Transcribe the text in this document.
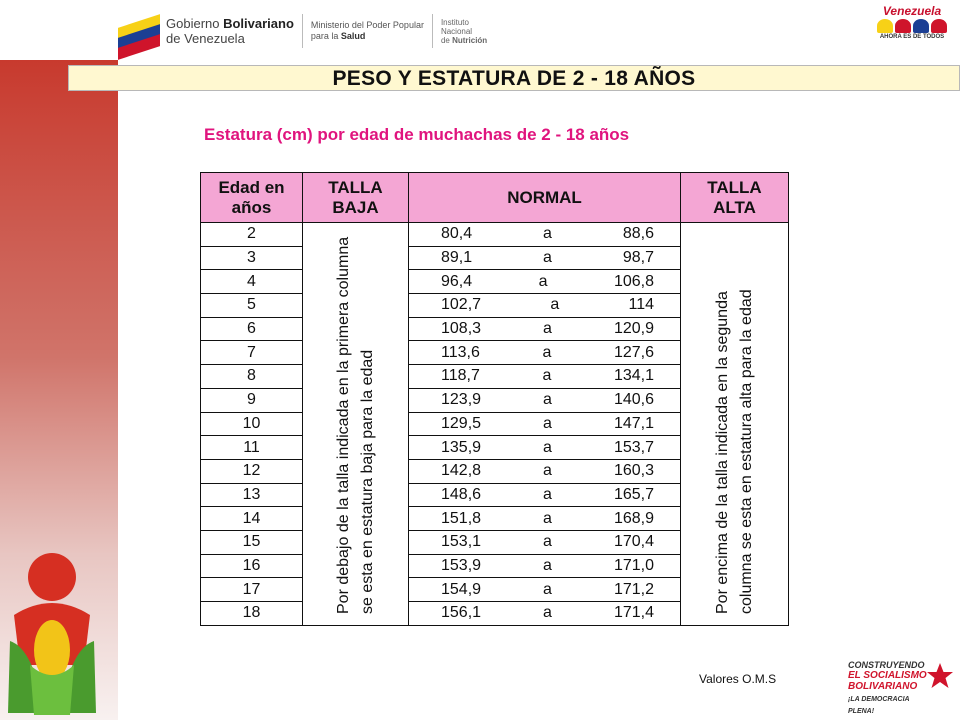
Gobierno Bolivariano
de Venezuela
Ministerio del Poder Popular
para la Salud
Instituto
Nacional
de Nutrición
Venezuela
AHORA ES DE TODOS
PESO Y ESTATURA DE 2 - 18 AÑOS
Estatura (cm) por edad de muchachas de 2 - 18 años
Edad en
años	TALLA
BAJA	NORMAL	TALLA
ALTA
2	Por debajo de la talla indicada en la primera columna se esta en estatura baja para la edad	80,4 a 88,6	Por encima de la talla indicada en la segunda columna se esta en estatura alta para la edad

3		89,1 a 98,7	

4		96,4 a 106,8	

5		102,7 a 114	

6		108,3 a 120,9	

7		113,6 a 127,6	

8		118,7 a 134,1	

9		123,9 a 140,6	

10		129,5 a 147,1	

11		135,9 a 153,7	

12		142,8 a 160,3	

13		148,6 a 165,7	

14		151,8 a 168,9	

15		153,1 a 170,4	

16		153,9 a 171,0	

17		154,9 a 171,2	

18		156,1 a 171,4	
Valores O.M.S
CONSTRUYENDO
EL SOCIALISMO
BOLIVARIANO
¡LA DEMOCRACIA
PLENA!
